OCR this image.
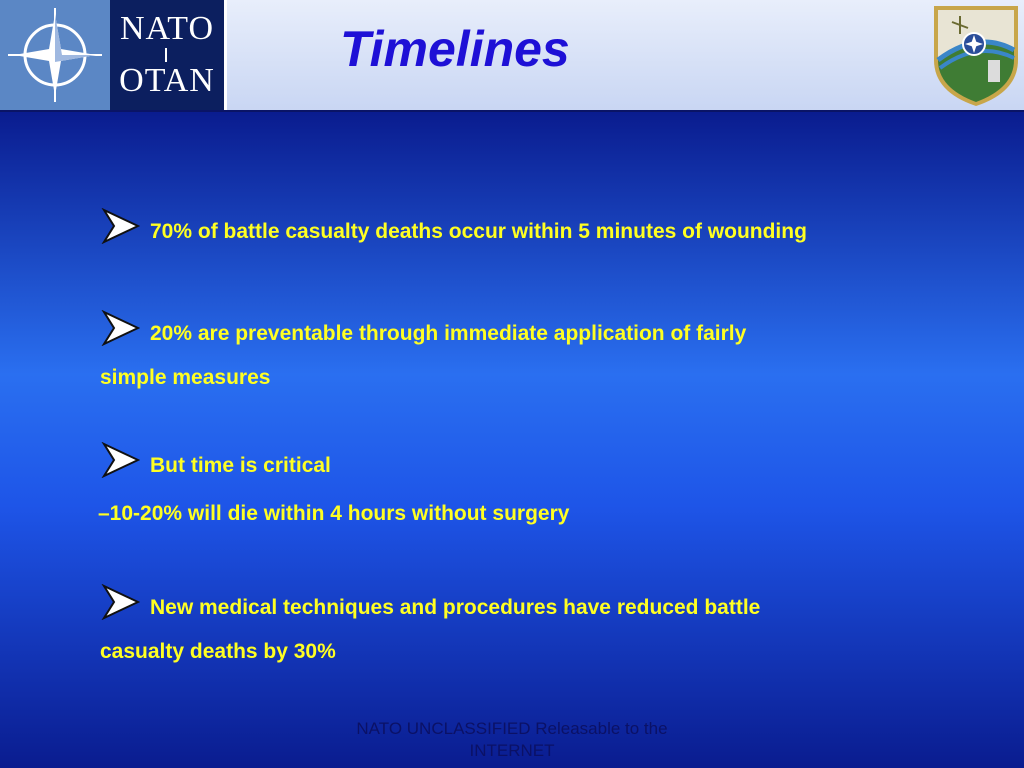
NATO
OTAN
Timelines
70% of battle casualty deaths occur within 5 minutes of wounding
20% are preventable through immediate application of fairly
simple measures
But time is critical
–10-20% will die within 4 hours without surgery
New medical techniques and procedures have reduced battle
casualty deaths by 30%
NATO UNCLASSIFIED Releasable to the
INTERNET
